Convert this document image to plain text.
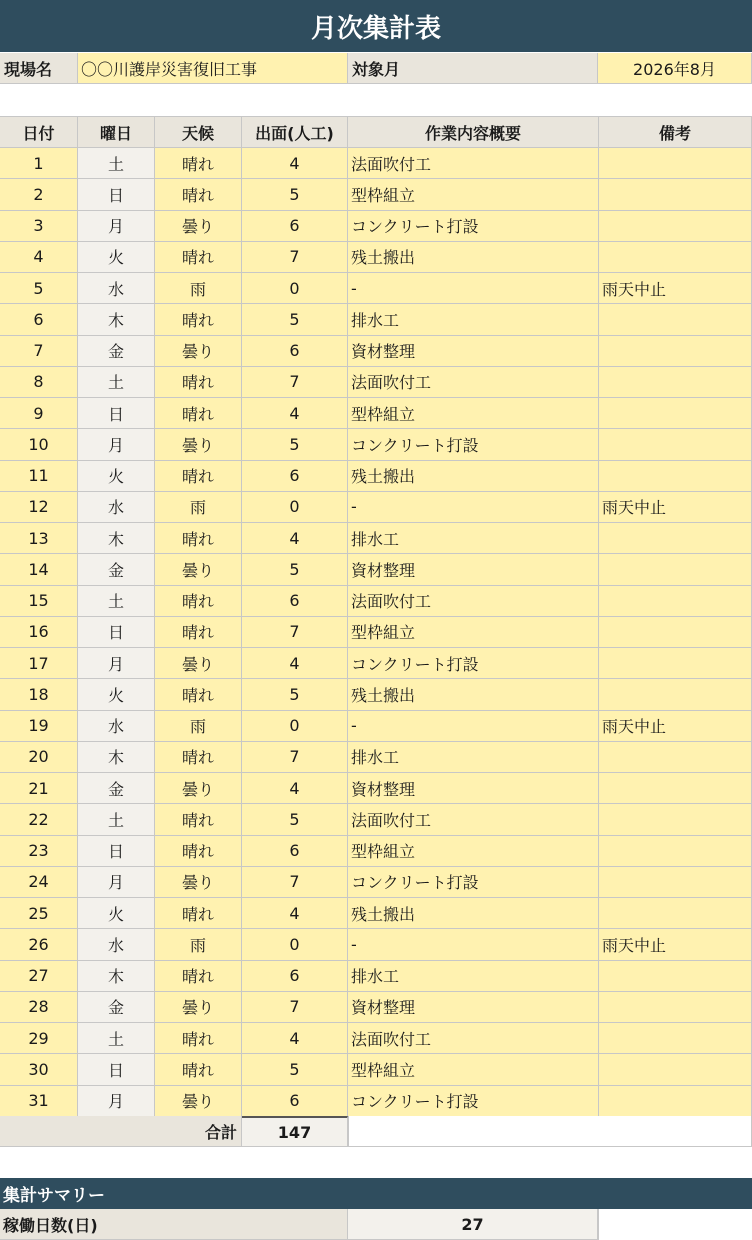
月次集計表
現場名	〇〇川護岸災害復旧工事	対象月	2026年8月
日付	曜日	天候	出面(人工)	作業内容概要	備考
1	土	晴れ	4	法面吹付工
2	日	晴れ	5	型枠組立
3	月	曇り	6	コンクリート打設
4	火	晴れ	7	残土搬出
5	水	雨	0	-	雨天中止
6	木	晴れ	5	排水工
7	金	曇り	6	資材整理
8	土	晴れ	7	法面吹付工
9	日	晴れ	4	型枠組立
10	月	曇り	5	コンクリート打設
11	火	晴れ	6	残土搬出
12	水	雨	0	-	雨天中止
13	木	晴れ	4	排水工
14	金	曇り	5	資材整理
15	土	晴れ	6	法面吹付工
16	日	晴れ	7	型枠組立
17	月	曇り	4	コンクリート打設
18	火	晴れ	5	残土搬出
19	水	雨	0	-	雨天中止
20	木	晴れ	7	排水工
21	金	曇り	4	資材整理
22	土	晴れ	5	法面吹付工
23	日	晴れ	6	型枠組立
24	月	曇り	7	コンクリート打設
25	火	晴れ	4	残土搬出
26	水	雨	0	-	雨天中止
27	木	晴れ	6	排水工
28	金	曇り	7	資材整理
29	土	晴れ	4	法面吹付工
30	日	晴れ	5	型枠組立
31	月	曇り	6	コンクリート打設
合計	147
集計サマリー
稼働日数(日)	27
